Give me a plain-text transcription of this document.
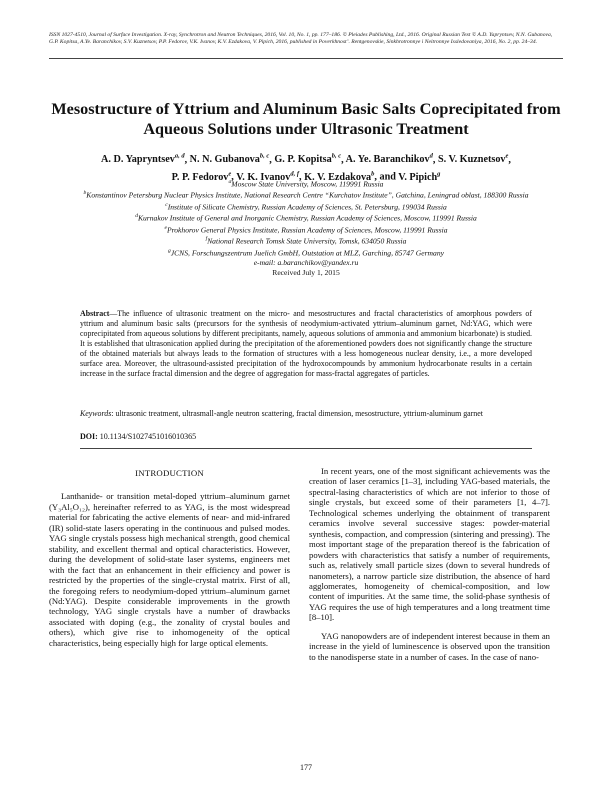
ISSN 1027-4510, Journal of Surface Investigation. X-ray, Synchrotron and Neutron Techniques, 2016, Vol. 10, No. 1, pp. 177–186. © Pleiades Publishing, Ltd., 2016. Original Russian Text © A.D. Yapryntsev, N.N. Gubanova, G.P. Kopitsa, A.Ye. Baranchikov, S.V. Kuznetsov, P.P. Fedorov, V.K. Ivanov, K.V. Ezdakova, V. Pipich, 2016, published in Poverkhnost’. Rentgenovskie, Sinkhrotronnye i Neitronnye Issledovaniya, 2016, No. 2, pp. 24–34.
Mesostructure of Yttrium and Aluminum Basic Salts Coprecipitated from Aqueous Solutions under Ultrasonic Treatment
A. D. Yapryntsev$^{a, d}$, N. N. Gubanova$^{b, c}$, G. P. Kopitsa$^{b, c}$, A. Ye. Baranchikov$^d$, S. V. Kuznetsov$^e$,
P. P. Fedorov$^e$, V. K. Ivanov$^{d, f}$, K. V. Ezdakova$^b$, and V. Pipich$^g$
$^a$Moscow State University, Moscow, 119991 Russia
$^b$Konstantinov Petersburg Nuclear Physics Institute, National Research Centre “Kurchatov Institute”, Gatchina, Leningrad oblast, 188300 Russia
$^c$Institute of Silicate Chemistry, Russian Academy of Sciences, St. Petersburg, 199034 Russia
$^d$Kurnakov Institute of General and Inorganic Chemistry, Russian Academy of Sciences, Moscow, 119991 Russia
$^e$Prokhorov General Physics Institute, Russian Academy of Sciences, Moscow, 119991 Russia
$^f$National Research Tomsk State University, Tomsk, 634050 Russia
$^g$JCNS, Forschungszentrum Juelich GmbH, Outstation at MLZ, Garching, 85747 Germany
e-mail: a.baranchikov@yandex.ru
Received July 1, 2015
Abstract—The influence of ultrasonic treatment on the micro- and mesostructures and fractal characteristics of amorphous powders of yttrium and aluminum basic salts (precursors for the synthesis of neodymium-activated yttrium–aluminum garnet, Nd:YAG, which were coprecipitated from aqueous solutions by different precipitants, namely, aqueous solutions of ammonia and ammonium bicarbonate) is studied. It is established that ultrasonication applied during the precipitation of the aforementioned powders does not significantly change the structure of the obtained materials but always leads to the formation of structures with a less homogeneous nuclear density, i.e., a more developed surface area. Moreover, the ultrasound-assisted precipitation of the hydroxocompounds by ammonium hydrocarbonate results in a certain increase in the surface fractal dimension and the degree of aggregation for mass-fractal aggregates of particles.
Keywords: ultrasonic treatment, ultrasmall-angle neutron scattering, fractal dimension, mesostructure, yttrium-aluminum garnet
DOI: 10.1134/S1027451016010365
INTRODUCTION
Lanthanide- or transition metal-doped yttrium–aluminum garnet (Y₃Al₅O₁₂), hereinafter referred to as YAG, is the most widespread material for fabricating the active elements of near- and mid-infrared (IR) solid-state lasers operating in the continuous and pulsed modes. YAG single crystals possess high mechanical strength, good chemical stability, and excellent thermal and optical characteristics. However, during the development of solid-state laser systems, engineers met with the fact that an enhancement in their efficiency and power is restricted by the properties of the single-crystal matrix. First of all, the foregoing refers to neodymium-doped yttrium–aluminum garnet (Nd:YAG). Despite considerable improvements in the growth technology, YAG single crystals have a number of drawbacks associated with doping (e.g., the zonality of crystal boules and others), which give rise to inhomogeneity of the optical characteristics, being especially high for large optical elements.
In recent years, one of the most significant achievements was the creation of laser ceramics [1–3], including YAG-based materials, the spectral-lasing characteristics of which are not inferior to those of single crystals, but exceed some of their parameters [1, 4–7]. Technological schemes underlying the obtainment of transparent ceramics involve several successive stages: powder-material synthesis, compaction, and compression (sintering and pressing). The most important stage of the preparation thereof is the fabrication of powders with characteristics that satisfy a number of requirements, such as, relatively small particle sizes (down to several hundreds of nanometers), a narrow particle size distribution, the absence of hard agglomerates, homogeneity of chemical-composition, and low content of impurities. At the same time, the solid-phase synthesis of YAG requires the use of high temperatures and a long treatment time [8–10].
YAG nanopowders are of independent interest because in them an increase in the yield of luminescence is observed upon the transition to the nanodisperse state in a number of cases. In the case of nano-
177
